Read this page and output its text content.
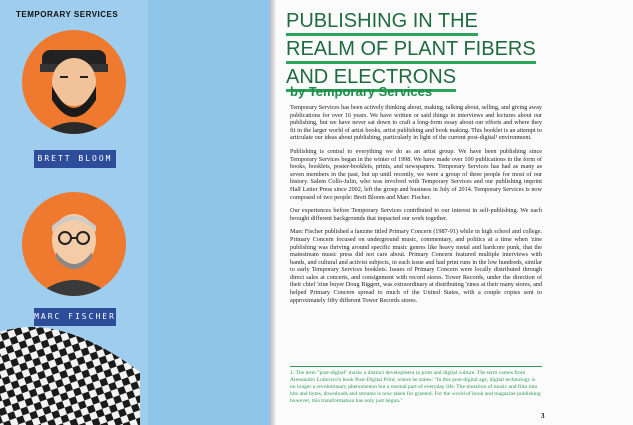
TEMPORARY SERVICES
BRETT BLOOM
MARC FISCHER
PUBLISHING IN THE
REALM OF PLANT FIBERS
AND ELECTRONS
by Temporary Services

Temporary Services has been actively thinking about, making, talking about, selling, and giving away publications for over 16 years. We have written or said things in interviews and lectures about our publishing, but we have never sat down to craft a long-form essay about our efforts and where they fit in the larger world of artist books, artist publishing and book making. This booklet is an attempt to articulate our ideas about publishing, particularly in light of the current post-digital¹ environment.

Publishing is central to everything we do as an artist group. We have been publishing since Temporary Services began in the winter of 1998. We have made over 100 publications in the form of books, booklets, poster-booklets, prints, and newspapers. Temporary Services has had as many as seven members in the past, but up until recently, we were a group of three people for most of our history. Salem Collo-Julin, who was involved with Temporary Services and our publishing imprint Half Letter Press since 2002, left the group and business in July of 2014. Temporary Services is now composed of two people: Brett Bloom and Marc Fischer.

Our experiences before Temporary Services contributed to our interest in self-publishing. We each brought different backgrounds that impacted our work together.

Marc Fischer published a fanzine titled Primary Concern (1987-91) while in high school and college. Primary Concern focused on underground music, commentary, and politics at a time when 'zine publishing was thriving around specific music genres like heavy metal and hardcore punk, that the mainstream music press did not care about. Primary Concern featured multiple interviews with bands, and cultural and activist subjects, in each issue and had print runs in the low hundreds, similar to early Temporary Services booklets. Issues of Primary Concern were locally distributed through direct sales at concerts, and consignment with record stores. Tower Records, under the direction of their chief 'zine buyer Doug Biggert, was extraordinary at distributing 'zines at their many stores, and helped Primary Concern spread to much of the United States, with a couple copies sent to approximately fifty different Tower Records stores.

1. The term "post-digital" marks a distinct development in print and digital culture. The term comes from Alessandro Ludovico's book Post-Digital Print, where he states: "In this post-digital age, digital technology is no longer a revolutionary phenomenon but a normal part of everyday life. The mutation of music and film into bits and bytes, downloads and streams is now taken for granted. For the world of book and magazine publishing however, this transformation has only just begun."
3
